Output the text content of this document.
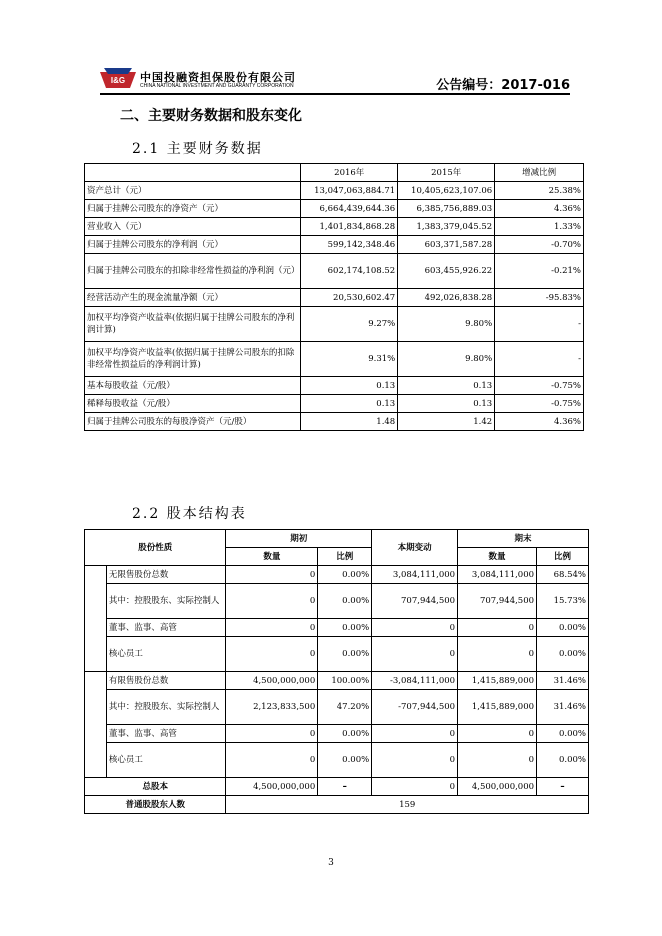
I&G 中国投融资担保股份有限公司
CHINA NATIONAL INVESTMENT AND GUARANTY CORPORATION	公告编号：2017-016
二、主要财务数据和股东变化
2.1 主要财务数据
	2016年	2015年	增减比例
资产总计（元）	13,047,063,884.71	10,405,623,107.06	25.38%
归属于挂牌公司股东的净资产（元）	6,664,439,644.36	6,385,756,889.03	4.36%
营业收入（元）	1,401,834,868.28	1,383,379,045.52	1.33%
归属于挂牌公司股东的净利润（元）	599,142,348.46	603,371,587.28	-0.70%
归属于挂牌公司股东的扣除非经常性损益的净利润（元）	602,174,108.52	603,455,926.22	-0.21%
经营活动产生的现金流量净额（元）	20,530,602.47	492,026,838.28	-95.83%
加权平均净资产收益率(依据归属于挂牌公司股东的净利润计算)	9.27%	9.80%	-
加权平均净资产收益率(依据归属于挂牌公司股东的扣除非经常性损益后的净利润计算)	9.31%	9.80%	-
基本每股收益（元/股）	0.13	0.13	-0.75%
稀释每股收益（元/股）	0.13	0.13	-0.75%
归属于挂牌公司股东的每股净资产（元/股）	1.48	1.42	4.36%
2.2 股本结构表
股份性质		期初		本期变动	期末	
		数量	比例		数量	比例

	无限售股份总数	0	0.00%	3,084,111,000	3,084,111,000	68.54%
	其中：控股股东、实际控制人	0	0.00%	707,944,500	707,944,500	15.73%
	董事、监事、高管	0	0.00%	0	0	0.00%
	核心员工	0	0.00%	0	0	0.00%

	有限售股份总数	4,500,000,000	100.00%	-3,084,111,000	1,415,889,000	31.46%
	其中：控股股东、实际控制人	2,123,833,500	47.20%	-707,944,500	1,415,889,000	31.46%
	董事、监事、高管	0	0.00%	0	0	0.00%
	核心员工	0	0.00%	0	0	0.00%
总股本		4,500,000,000	–	0	4,500,000,000	–
普通股股东人数		159				
3
